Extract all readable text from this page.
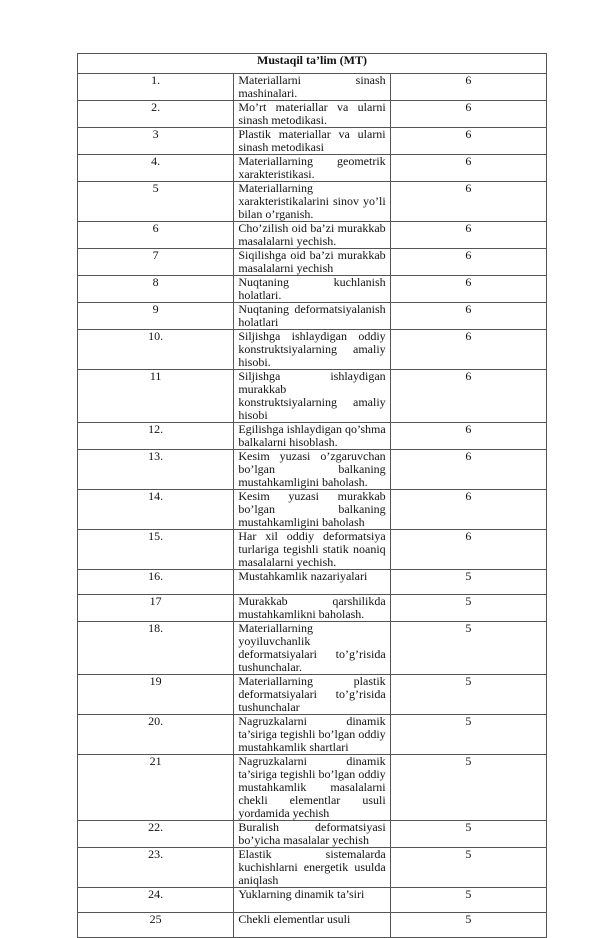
Mustaqil ta’lim (MT)		
1.	Materiallarni sinash mashinalari.	6
2.	Mo’rt materiallar va ularni sinash metodikasi.	6
3	Plastik materiallar va ularni sinash metodikasi	6
4.	Materiallarning geometrik xarakteristikasi.	6
5	Materiallarning xarakteristikalarini sinov yo’li bilan o’rganish.	6
6	Cho’zilish oid ba’zi murakkab masalalarni yechish.	6
7	Siqilishga oid ba’zi murakkab masalalarni yechish	6
8	Nuqtaning kuchlanish holatlari.	6
9	Nuqtaning deformatsiyalanish holatlari	6
10.	Siljishga ishlaydigan oddiy konstruktsiyalarning amaliy hisobi.	6
11	Siljishga ishlaydigan murakkab konstruktsiyalarning amaliy hisobi	6
12.	Egilishga ishlaydigan qo’shma balkalarni hisoblash.	6
13.	Kesim yuzasi o’zgaruvchan bo’lgan balkaning mustahkamligini baholash.	6
14.	Kesim yuzasi murakkab bo’lgan balkaning mustahkamligini baholash	6
15.	Har xil oddiy deformatsiya turlariga tegishli statik noaniq masalalarni yechish.	6
16.	Mustahkamlik nazariyalari	5
17	Murakkab qarshilikda mustahkamlikni baholash.	5
18.	Materiallarning yoyiluvchanlik deformatsiyalari to’g’risida tushunchalar.	5
19	Materiallarning plastik deformatsiyalari to’g’risida tushunchalar	5
20.	Nagruzkalarni dinamik ta’siriga tegishli bo’lgan oddiy mustahkamlik shartlari	5
21	Nagruzkalarni dinamik ta’siriga tegishli bo’lgan oddiy mustahkamlik masalalarni chekli elementlar usuli yordamida yechish	5
22.	Buralish deformatsiyasi bo’yicha masalalar yechish	5
23.	Elastik sistemalarda kuchishlarni energetik usulda aniqlash	5
24.	Yuklarning dinamik ta’siri	5
25	Chekli elementlar usuli	5
